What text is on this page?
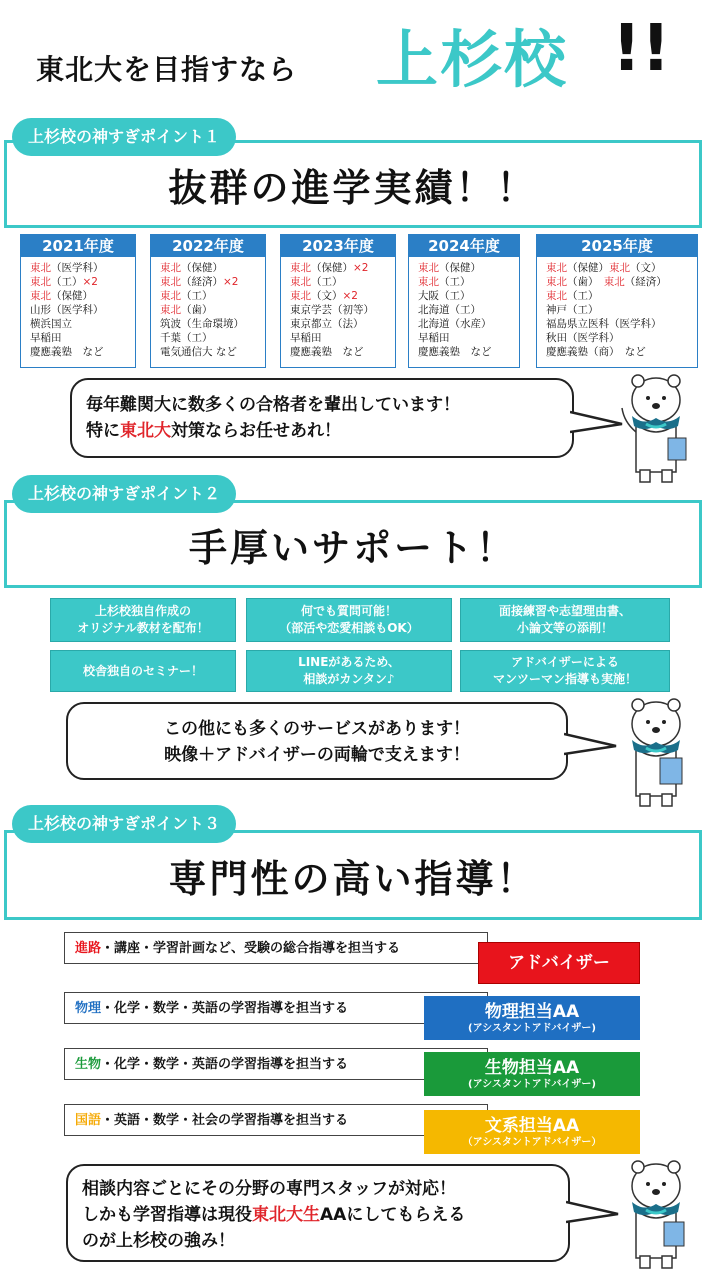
東北大を目指すなら 上杉校 !!
上杉校の神すぎポイント１
抜群の進学実績！！
2021年度
東北（医学科）
東北（工）×2
東北（保健）
山形（医学科）
横浜国立
早稲田
慶應義塾　など
2022年度
東北（保健）
東北（経済）×2
東北（工）
東北（歯）
筑波（生命環境）
千葉（工）
電気通信大 など
2023年度
東北（保健）×2
東北（工）
東北（文）×2
東京学芸（初等）
東京都立（法）
早稲田
慶應義塾　など
2024年度
東北（保健）
東北（工）
大阪（工）
北海道（工）
北海道（水産）
早稲田
慶應義塾　など
2025年度
東北（保健）東北（文）
東北（歯）　東北（経済）
東北（工）
神戸（工）
福島県立医科（医学科）
秋田（医学科）
慶應義塾（商）　など

毎年難関大に数多くの合格者を輩出しています！

特に東北大対策ならお任せあれ！

上杉校の神すぎポイント２
手厚いサポート！
上杉校独自作成の
オリジナル教材を配布！
何でも質問可能！
（部活や恋愛相談もOK）
面接練習や志望理由書、
小論文等の添削！
校舎独自のセミナー！
LINEがあるため、
相談がカンタン♪
アドバイザーによる
マンツーマン指導も実施！

この他にも多くのサービスがあります！

映像＋アドバイザーの両輪で支えます！

上杉校の神すぎポイント３
専門性の高い指導！
進路・講座・学習計画など、受験の総合指導を担当する
アドバイザー
物理・化学・数学・英語の学習指導を担当する	物理担当AA
(アシスタントアドバイザー)
生物・化学・数学・英語の学習指導を担当する	生物担当AA
(アシスタントアドバイザー)
国語・英語・数学・社会の学習指導を担当する	文系担当AA
（アシスタントアドバイザー）

相談内容ごとにその分野の専門スタッフが対応！

しかも学習指導は現役東北大生AAにしてもらえる

のが上杉校の強み！
